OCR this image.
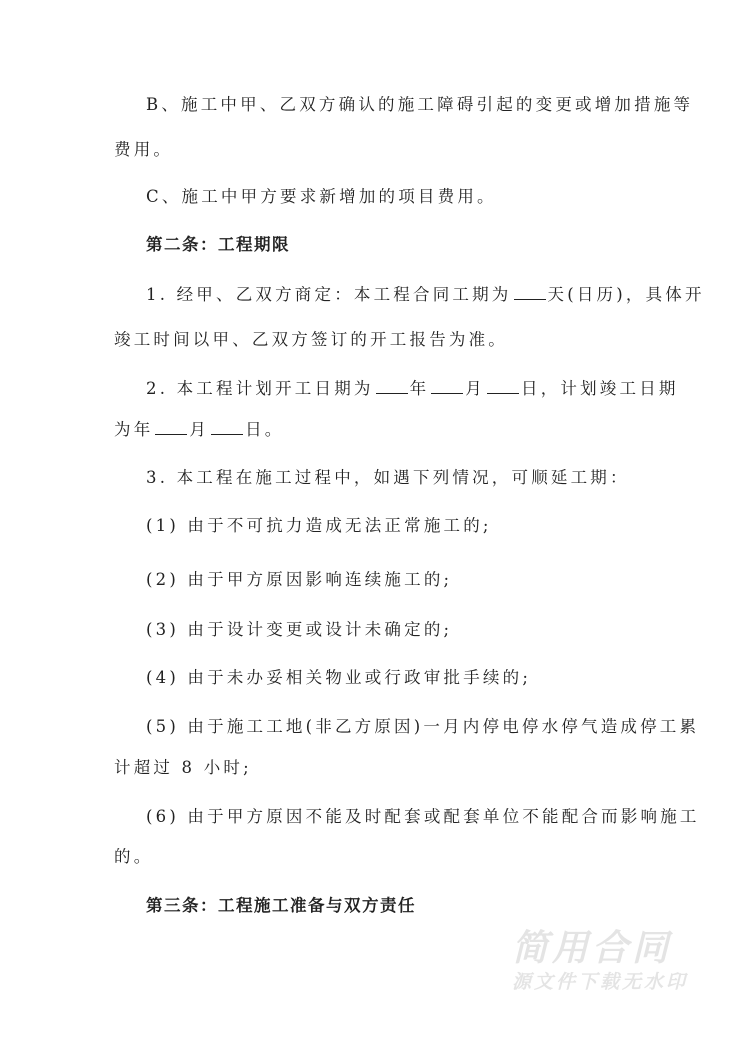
B、施工中甲、乙双方确认的施工障碍引起的变更或增加措施等
费用。
C、施工中甲方要求新增加的项目费用。
第二条：工程期限
1. 经甲、乙双方商定：本工程合同工期为 天(日历)，具体开
竣工时间以甲、乙双方签订的开工报告为准。
2. 本工程计划开工日期为 年 月 日，计划竣工日期
为年 月 日。
3. 本工程在施工过程中，如遇下列情况，可顺延工期：
(1) 由于不可抗力造成无法正常施工的;
(2) 由于甲方原因影响连续施工的;
(3) 由于设计变更或设计未确定的;
(4) 由于未办妥相关物业或行政审批手续的;
(5) 由于施工工地(非乙方原因)一月内停电停水停气造成停工累
计超过 8 小时;
(6) 由于甲方原因不能及时配套或配套单位不能配合而影响施工
的。
第三条：工程施工准备与双方责任
简用合同
源文件下载无水印
